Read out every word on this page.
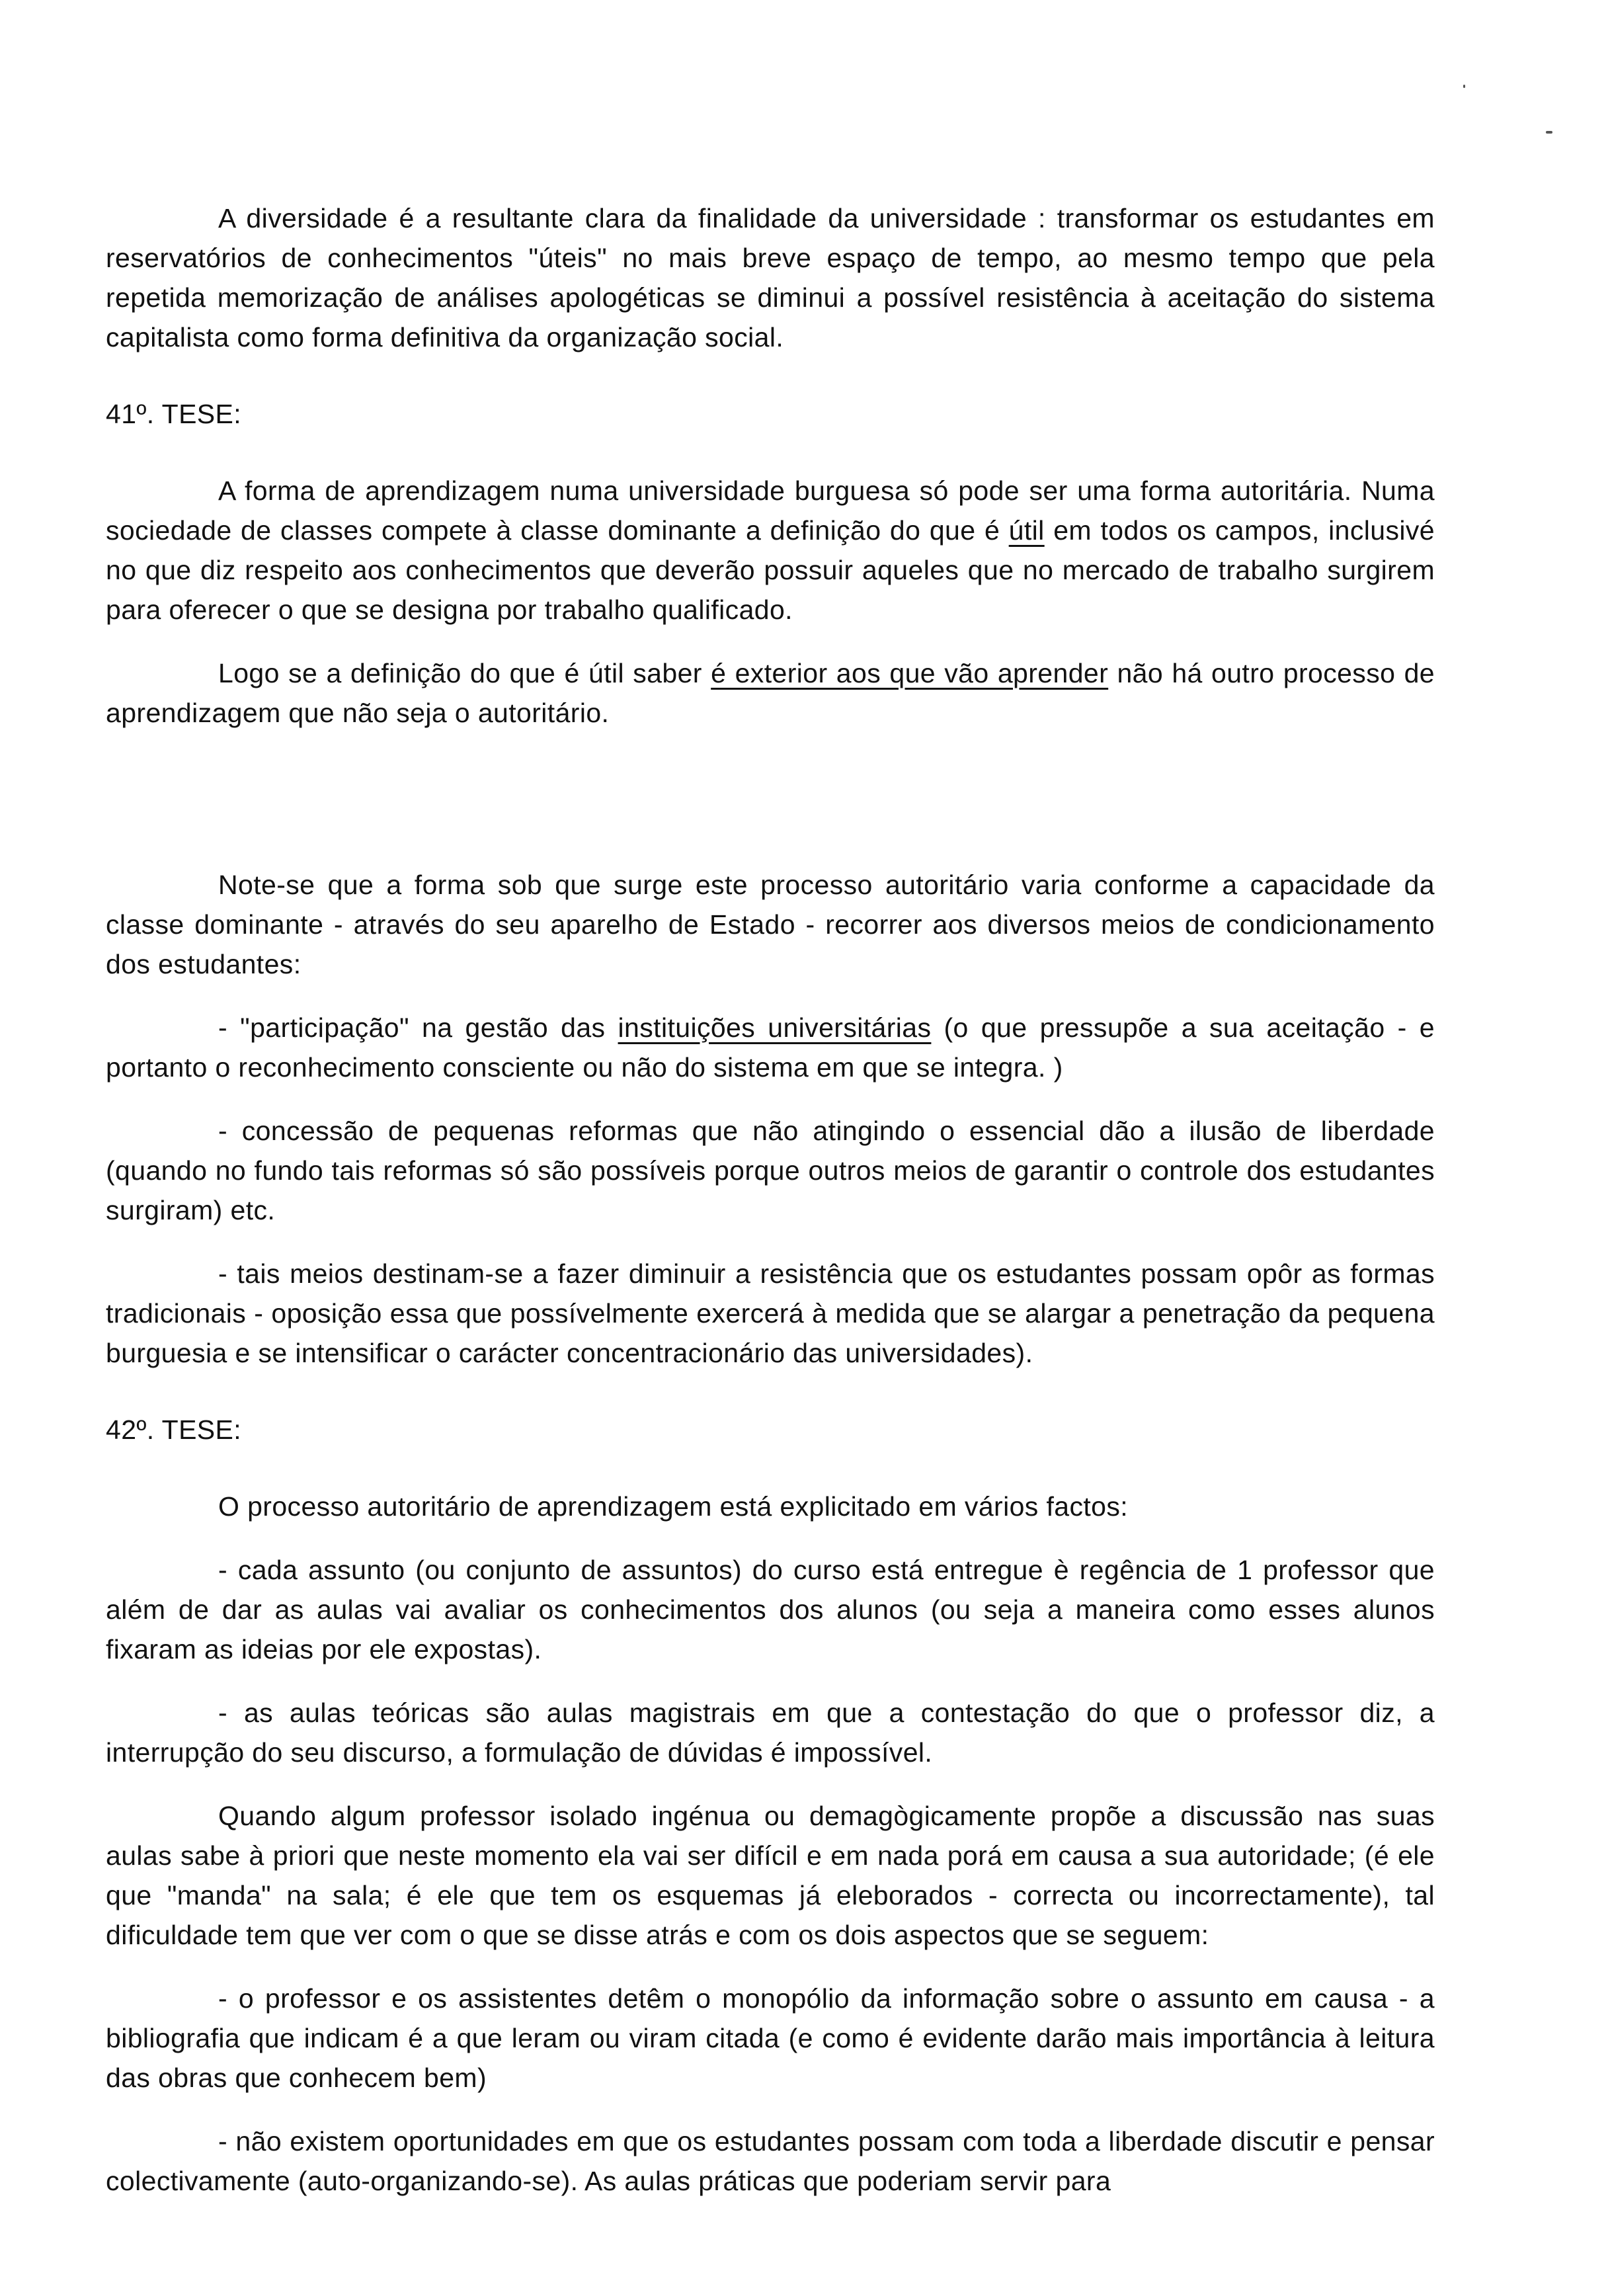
A diversidade é a resultante clara da finalidade da universidade : transformar os estudantes em reservatórios de conhecimentos "úteis" no mais breve espaço de tempo, ao mesmo tempo que pela repetida memorização de análises apologéticas se diminui a possível resistência à aceitação do sistema capitalista como forma definitiva da organização social.

41º. TESE:

A forma de aprendizagem numa universidade burguesa só pode ser uma forma autoritária. Numa sociedade de classes compete à classe dominante a definição do que é útil em todos os campos, inclusivé no que diz respeito aos conhecimentos que deverão possuir aqueles que no mercado de trabalho surgirem para oferecer o que se designa por trabalho qualificado.

Logo se a definição do que é útil saber é exterior aos que vão aprender não há outro processo de aprendizagem que não seja o autoritário.

Note-se que a forma sob que surge este processo autoritário varia conforme a capacidade da classe dominante - através do seu aparelho de Estado - recorrer aos diversos meios de condicionamento dos estudantes:

- "participação" na gestão das instituições universitárias (o que pressupõe a sua aceitação - e portanto o reconhecimento consciente ou não do sistema em que se integra. )

- concessão de pequenas reformas que não atingindo o essencial dão a ilusão de liberdade (quando no fundo tais reformas só são possíveis porque outros meios de garantir o controle dos estudantes surgiram) etc.

- tais meios destinam-se a fazer diminuir a resistência que os estudantes possam opôr as formas tradicionais - oposição essa que possívelmente exercerá à medida que se alargar a penetração da pequena burguesia e se intensificar o carácter concentracionário das universidades).

42º. TESE:

O processo autoritário de aprendizagem está explicitado em vários factos:

- cada assunto (ou conjunto de assuntos) do curso está entregue è regência de 1 professor que além de dar as aulas vai avaliar os conhecimentos dos alunos (ou seja a maneira como esses alunos fixaram as ideias por ele expostas).

- as aulas teóricas são aulas magistrais em que a contestação do que o professor diz, a interrupção do seu discurso, a formulação de dúvidas é impossível.

Quando algum professor isolado ingénua ou demagògicamente propõe a discussão nas suas aulas sabe à priori que neste momento ela vai ser difícil e em nada porá em causa a sua autoridade; (é ele que "manda" na sala; é ele que tem os esquemas já eleborados - correcta ou incorrectamente), tal dificuldade tem que ver com o que se disse atrás e com os dois aspectos que se seguem:

- o professor e os assistentes detêm o monopólio da informação sobre o assunto em causa - a bibliografia que indicam é a que leram ou viram citada (e como é evidente darão mais importância à leitura das obras que conhecem bem)

- não existem oportunidades em que os estudantes possam com toda a liberdade discutir e pensar colectivamente (auto-organizando-se). As aulas práticas que poderiam servir para
